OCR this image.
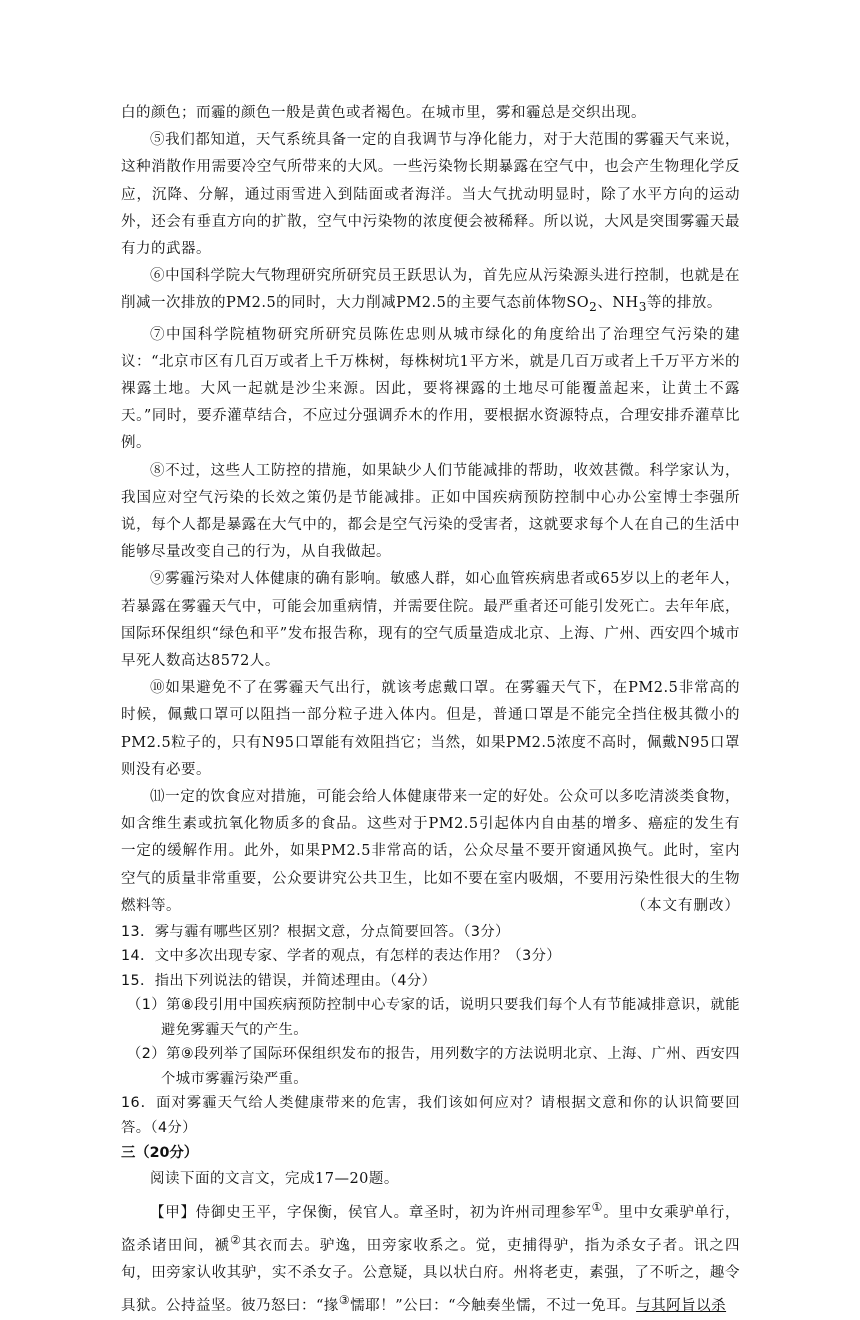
白的颜色；而霾的颜色一般是黄色或者褐色。在城市里，雾和霾总是交织出现。

⑤我们都知道，天气系统具备一定的自我调节与净化能力，对于大范围的雾霾天气来说，这种消散作用需要冷空气所带来的大风。一些污染物长期暴露在空气中，也会产生物理化学反应，沉降、分解，通过雨雪进入到陆面或者海洋。当大气扰动明显时，除了水平方向的运动外，还会有垂直方向的扩散，空气中污染物的浓度便会被稀释。所以说，大风是突围雾霾天最有力的武器。

⑥中国科学院大气物理研究所研究员王跃思认为，首先应从污染源头进行控制，也就是在削减一次排放的PM2.5的同时，大力削减PM2.5的主要气态前体物$SO_2$、$NH_3$等的排放。

⑦中国科学院植物研究所研究员陈佐忠则从城市绿化的角度给出了治理空气污染的建议：“北京市区有几百万或者上千万株树，每株树坑1平方米，就是几百万或者上千万平方米的裸露土地。大风一起就是沙尘来源。因此，要将裸露的土地尽可能覆盖起来，让黄土不露天。”同时，要乔灌草结合，不应过分强调乔木的作用，要根据水资源特点，合理安排乔灌草比例。

⑧不过，这些人工防控的措施，如果缺少人们节能减排的帮助，收效甚微。科学家认为，我国应对空气污染的长效之策仍是节能减排。正如中国疾病预防控制中心办公室博士李强所说，每个人都是暴露在大气中的，都会是空气污染的受害者，这就要求每个人在自己的生活中能够尽量改变自己的行为，从自我做起。

⑨雾霾污染对人体健康的确有影响。敏感人群，如心血管疾病患者或65岁以上的老年人，若暴露在雾霾天气中，可能会加重病情，并需要住院。最严重者还可能引发死亡。去年年底，国际环保组织“绿色和平”发布报告称，现有的空气质量造成北京、上海、广州、西安四个城市早死人数高达8572人。

⑩如果避免不了在雾霾天气出行，就该考虑戴口罩。在雾霾天气下，在PM2.5非常高的时候，佩戴口罩可以阻挡一部分粒子进入体内。但是，普通口罩是不能完全挡住极其微小的PM2.5粒子的，只有N95口罩能有效阻挡它；当然，如果PM2.5浓度不高时，佩戴N95口罩则没有必要。

⑾一定的饮食应对措施，可能会给人体健康带来一定的好处。公众可以多吃清淡类食物，如含维生素或抗氧化物质多的食品。这些对于PM2.5引起体内自由基的增多、癌症的发生有一定的缓解作用。此外，如果PM2.5非常高的话，公众尽量不要开窗通风换气。此时，室内空气的质量非常重要，公众要讲究公共卫生，比如不要在室内吸烟，不要用污染性很大的生物燃料等。	（本文有删改）

13．雾与霾有哪些区别？根据文意，分点简要回答。（3分）

14．文中多次出现专家、学者的观点，有怎样的表达作用？（3分）

15．指出下列说法的错误，并简述理由。（4分）

（1）第⑧段引用中国疾病预防控制中心专家的话，说明只要我们每个人有节能减排意识，就能避免雾霾天气的产生。

（2）第⑨段列举了国际环保组织发布的报告，用列数字的方法说明北京、上海、广州、西安四个城市雾霾污染严重。

16．面对雾霾天气给人类健康带来的危害，我们该如何应对？请根据文意和你的认识简要回答。（4分）

三（20分）

阅读下面的文言文，完成17—20题。

【甲】侍御史王平，字保衡，侯官人。章圣时，初为许州司理参军①。里中女乘驴单行，盗杀诸田间，褫②其衣而去。驴逸，田旁家收系之。觉，吏捕得驴，指为杀女子者。讯之四旬，田旁家认收其驴，实不杀女子。公意疑，具以状白府。州将老吏，素强，了不听之，趣令具狱。公持益坚。彼乃怒曰：“掾③懦耶！”公曰：“今触奏坐懦，不过一免耳。与其阿旨以杀
